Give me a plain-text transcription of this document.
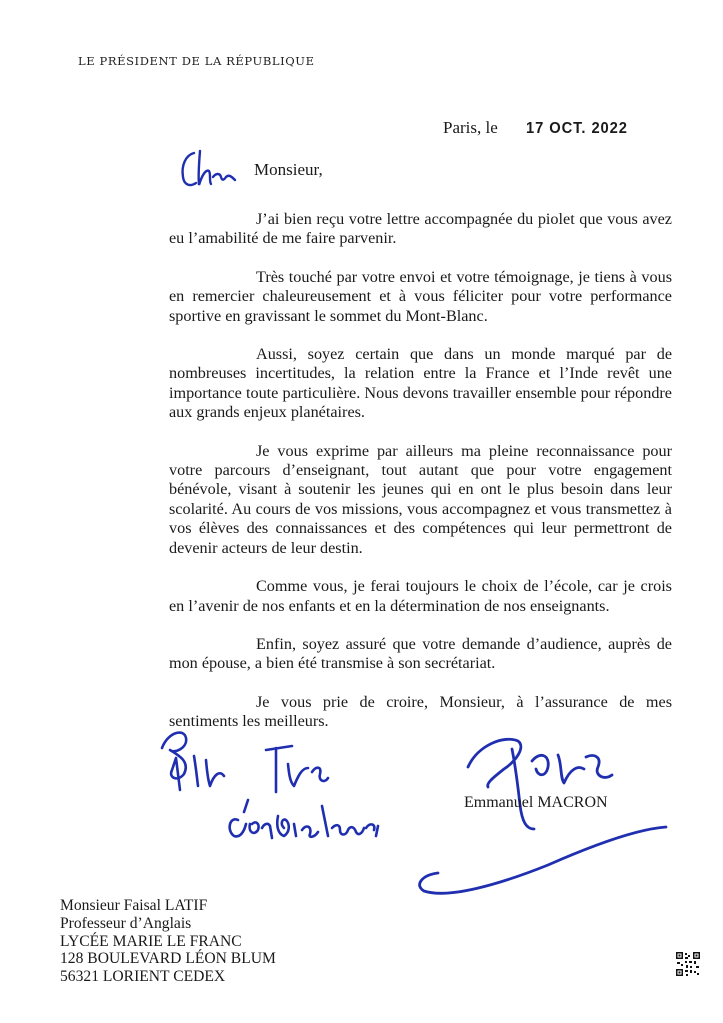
LE PRÉSIDENT DE LA RÉPUBLIQUE
Paris, le 17 OCT. 2022
Monsieur,

J’ai bien reçu votre lettre accompagnée du piolet que vous avez eu l’amabilité de me faire parvenir.

Très touché par votre envoi et votre témoignage, je tiens à vous en remercier chaleureusement et à vous féliciter pour votre performance sportive en gravissant le sommet du Mont-Blanc.

Aussi, soyez certain que dans un monde marqué par de nombreuses incertitudes, la relation entre la France et l’Inde revêt une importance toute particulière. Nous devons travailler ensemble pour répondre aux grands enjeux planétaires.

Je vous exprime par ailleurs ma pleine reconnaissance pour votre parcours d’enseignant, tout autant que pour votre engagement bénévole, visant à soutenir les jeunes qui en ont le plus besoin dans leur scolarité. Au cours de vos missions, vous accompagnez et vous transmettez à vos élèves des connaissances et des compétences qui leur permettront de devenir acteurs de leur destin.

Comme vous, je ferai toujours le choix de l’école, car je crois en l’avenir de nos enfants et en la détermination de nos enseignants.

Enfin, soyez assuré que votre demande d’audience, auprès de mon épouse, a bien été transmise à son secrétariat.

Je vous prie de croire, Monsieur, à l’assurance de mes sentiments les meilleurs.

Emmanuel MACRON
Monsieur Faisal LATIF
Professeur d’Anglais
LYCÉE MARIE LE FRANC
128 BOULEVARD LÉON BLUM
56321 LORIENT CEDEX
